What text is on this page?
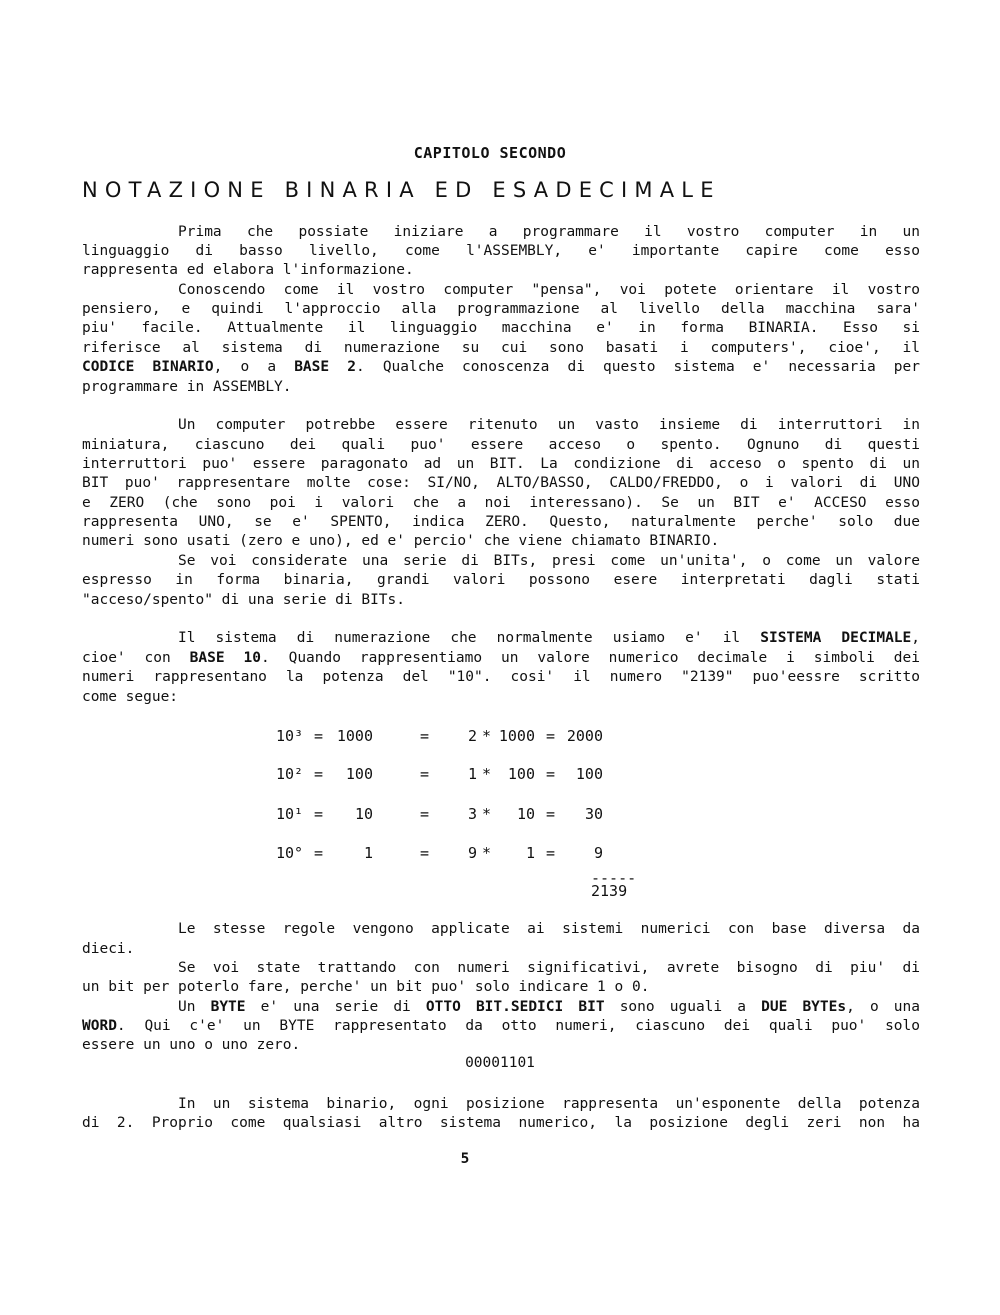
CAPITOLO SECONDO
NOTAZIONE BINARIA ED ESADECIMALE
Prima che possiate iniziare a programmare il vostro computer in un
linguaggio di basso livello, come l'ASSEMBLY, e' importante capire come esso
rappresenta ed elabora l'informazione.
Conoscendo come il vostro computer "pensa", voi potete orientare il vostro
pensiero, e quindi l'approccio alla programmazione al livello della macchina sara'
piu' facile. Attualmente il linguaggio macchina e' in forma BINARIA. Esso si
riferisce al sistema di numerazione su cui sono basati i computers', cioe', il
CODICE BINARIO, o a BASE 2. Qualche conoscenza di questo sistema e' necessaria per
programmare in ASSEMBLY.
Un computer potrebbe essere ritenuto un vasto insieme di interruttori in
miniatura, ciascuno dei quali puo' essere acceso o spento. Ognuno di questi
interruttori puo' essere paragonato ad un BIT. La condizione di acceso o spento di un
BIT puo' rappresentare molte cose: SI/NO, ALTO/BASSO, CALDO/FREDDO, o i valori di UNO
e ZERO (che sono poi i valori che a noi interessano). Se un BIT e' ACCESO esso
rappresenta UNO, se e' SPENTO, indica ZERO. Questo, naturalmente perche' solo due
numeri sono usati (zero e uno), ed e' percio' che viene chiamato BINARIO.
Se voi considerate una serie di BITs, presi come un'unita', o come un valore
espresso in forma binaria, grandi valori possono esere interpretati dagli stati
"acceso/spento" di una serie di BITs.
Il sistema di numerazione che normalmente usiamo e' il SISTEMA DECIMALE,
cioe' con BASE 10. Quando rappresentiamo un valore numerico decimale i simboli dei
numeri rappresentano la potenza del "10". cosi' il numero "2139" puo'eessre scritto
come segue:
10³ = 1000	=	2 * 1000 = 2000
10² =	100	=	1 *	100 =	100
10¹ =	10	=	3 *	10 =	30
10° =	1	=	9 *	1 =	9
-----
2139
Le stesse regole vengono applicate ai sistemi numerici con base diversa da
dieci.
Se voi state trattando con numeri significativi, avrete bisogno di piu' di
un bit per poterlo fare, perche' un bit puo' solo indicare 1 o 0.
Un BYTE e' una serie di OTTO BIT.SEDICI BIT sono uguali a DUE BYTEs, o una
WORD. Qui c'e' un BYTE rappresentato da otto numeri, ciascuno dei quali puo' solo
essere un uno o uno zero.
00001101
In un sistema binario, ogni posizione rappresenta un'esponente della potenza
di 2. Proprio come qualsiasi altro sistema numerico, la posizione degli zeri non ha
5
